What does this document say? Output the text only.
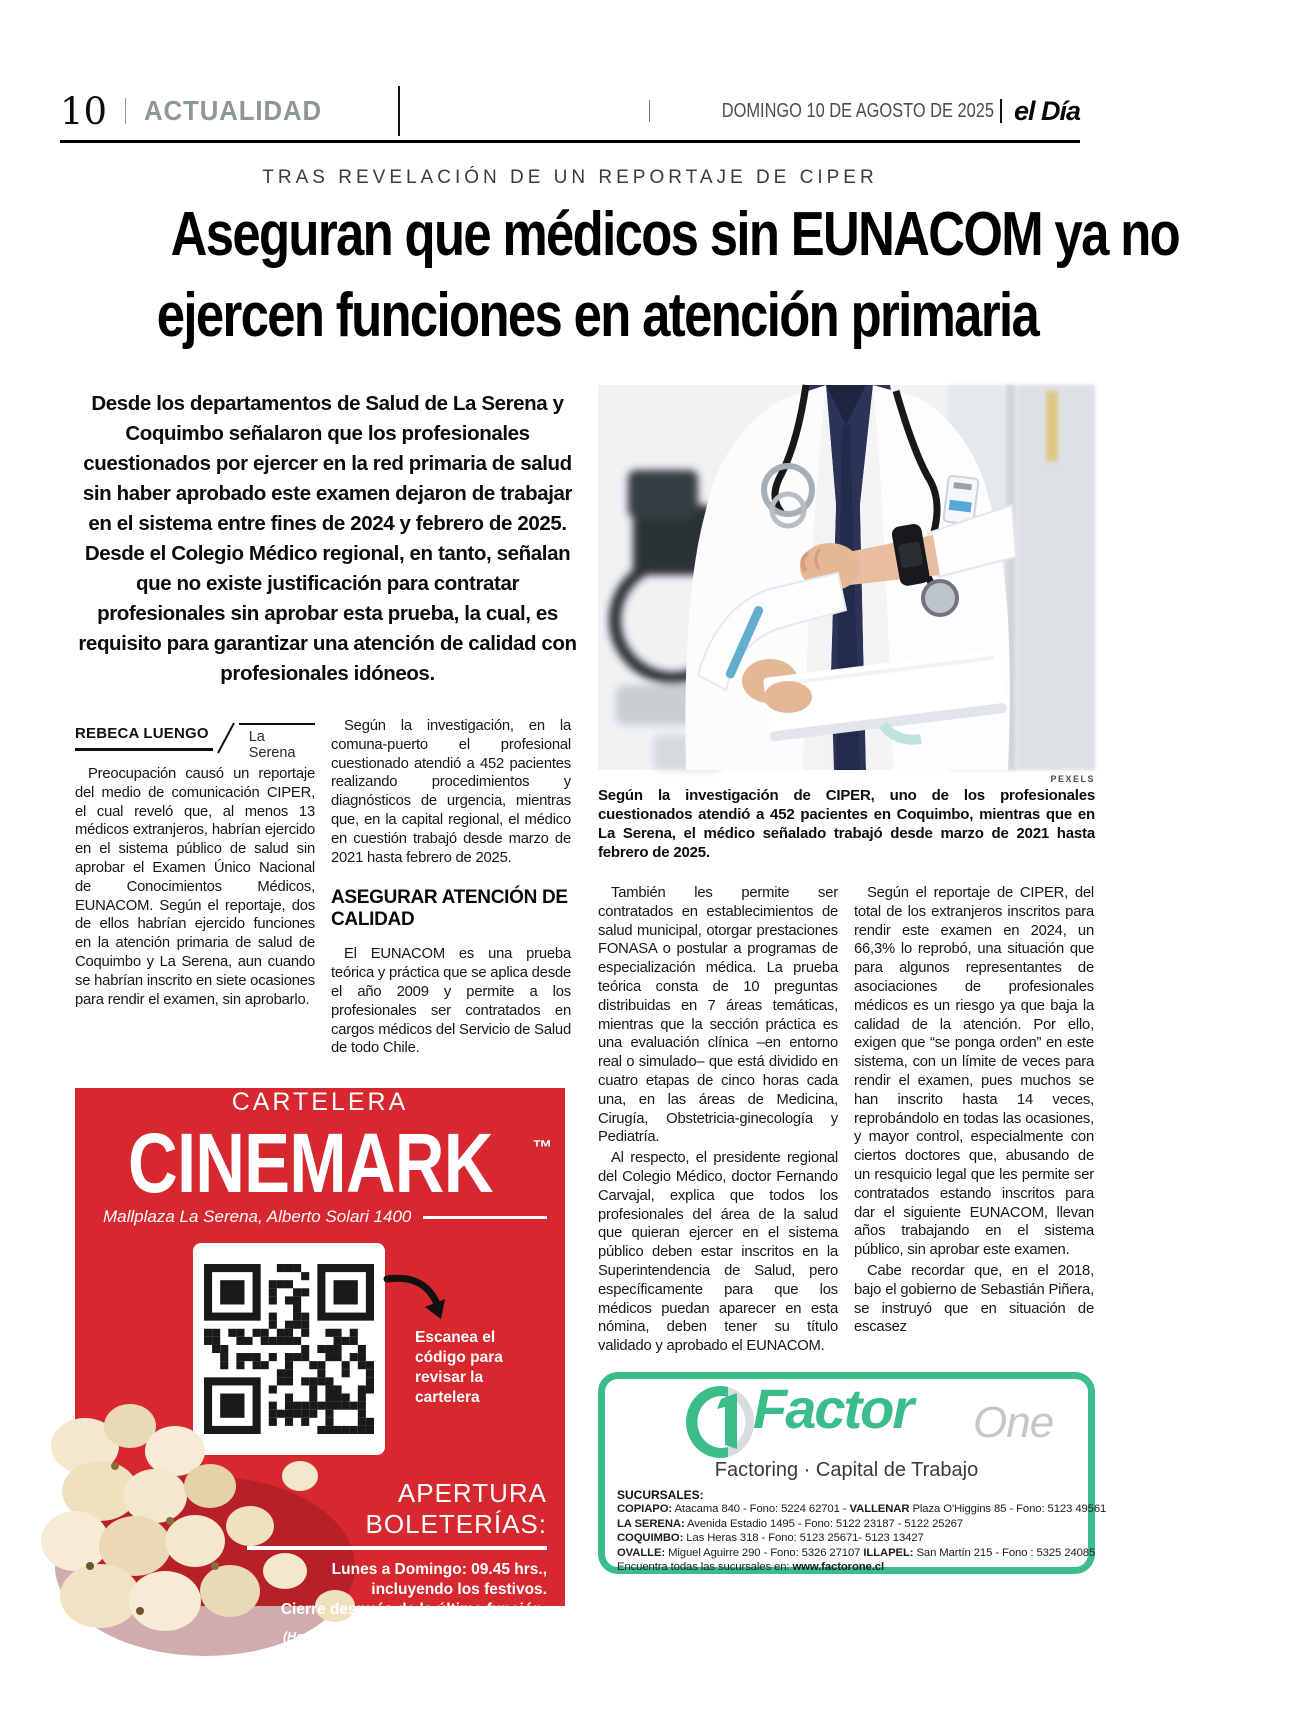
10 ACTUALIDAD	DOMINGO 10 DE AGOSTO DE 2025 el Día
TRAS REVELACIÓN DE UN REPORTAJE DE CIPER
Aseguran que médicos sin EUNACOM ya no
ejercen funciones en atención primaria

Desde los departamentos de Salud de La Serena y Coquimbo señalaron que los profesionales cuestionados por ejercer en la red primaria de salud sin haber aprobado este examen dejaron de trabajar en el sistema entre fines de 2024 y febrero de 2025. Desde el Colegio Médico regional, en tanto, señalan que no existe justificación para contratar profesionales sin aprobar esta prueba, la cual, es requisito para garantizar una atención de calidad con profesionales idóneos.

REBECA LUENGO	La Serena

Preocupación causó un reportaje del medio de comunicación CIPER, el cual reveló que, al menos 13 médicos extranjeros, habrían ejercido en el sistema público de salud sin aprobar el Examen Único Nacional de Conocimientos Médicos, EUNACOM. Según el reportaje, dos de ellos habrían ejercido funciones en la atención primaria de salud de Coquimbo y La Serena, aun cuando se habrían inscrito en siete ocasiones para rendir el examen, sin aprobarlo.

Según la investigación, en la comuna-puerto el profesional cuestionado atendió a 452 pacientes realizando procedimientos y diagnósticos de urgencia, mientras que, en la capital regional, el médico en cuestión trabajó desde marzo de 2021 hasta febrero de 2025.

ASEGURAR ATENCIÓN DE CALIDAD

El EUNACOM es una prueba teórica y práctica que se aplica desde el año 2009 y permite a los profesionales ser contratados en cargos médicos del Servicio de Salud de todo Chile.

CARTELERA
CINEMARK ™
Mallplaza La Serena, Alberto Solari 1400
Escanea el código para revisar la cartelera
APERTURA BOLETERÍAS:
Lunes a Domingo: 09.45 hrs., incluyendo los festivos.
Cierre después de la última función.
(Horarios de trasnoches e refiere a todas las películas que comiencen después de las 23.00 hrs.)
*Los horarios esta sujetos a modificación.
PEXELS
Según la investigación de CIPER, uno de los profesionales cuestionados atendió a 452 pacientes en Coquimbo, mientras que en La Serena, el médico señalado trabajó desde marzo de 2021 hasta febrero de 2025.

También les permite ser contratados en establecimientos de salud municipal, otorgar prestaciones FONASA o postular a programas de especialización médica. La prueba teórica consta de 10 preguntas distribuidas en 7 áreas temáticas, mientras que la sección práctica es una evaluación clínica –en entorno real o simulado– que está dividido en cuatro etapas de cinco horas cada una, en las áreas de Medicina, Cirugía, Obstetricia-ginecología y Pediatría.

Al respecto, el presidente regional del Colegio Médico, doctor Fernando Carvajal, explica que todos los profesionales del área de la salud que quieran ejercer en el sistema público deben estar inscritos en la Superintendencia de Salud, pero específicamente para que los médicos puedan aparecer en esta nómina, deben tener su título validado y aprobado el EUNACOM.

Según el reportaje de CIPER, del total de los extranjeros inscritos para rendir este examen en 2024, un 66,3% lo reprobó, una situación que para algunos representantes de asociaciones de profesionales médicos es un riesgo ya que baja la calidad de la atención. Por ello, exigen que “se ponga orden” en este sistema, con un límite de veces para rendir el examen, pues muchos se han inscrito hasta 14 veces, reprobándolo en todas las ocasiones, y mayor control, especialmente con ciertos doctores que, abusando de un resquicio legal que les permite ser contratados estando inscritos para dar el siguiente EUNACOM, llevan años trabajando en el sistema público, sin aprobar este examen.

Cabe recordar que, en el 2018, bajo el gobierno de Sebastián Piñera, se instruyó que en situación de escasez

Factor One
Factoring · Capital de Trabajo
SUCURSALES:
COPIAPO: Atacama 840 - Fono: 5224 62701 - VALLENAR Plaza O'Higgins 85 - Fono: 5123 49561
LA SERENA: Avenida Estadio 1495 - Fono: 5122 23187 - 5122 25267
COQUIMBO: Las Heras 318 - Fono: 5123 25671- 5123 13427
OVALLE: Miguel Aguirre 290 - Fono: 5326 27107 ILLAPEL: San Martín 215 - Fono : 5325 24085
Encuentra todas las sucursales en: www.factorone.cl
